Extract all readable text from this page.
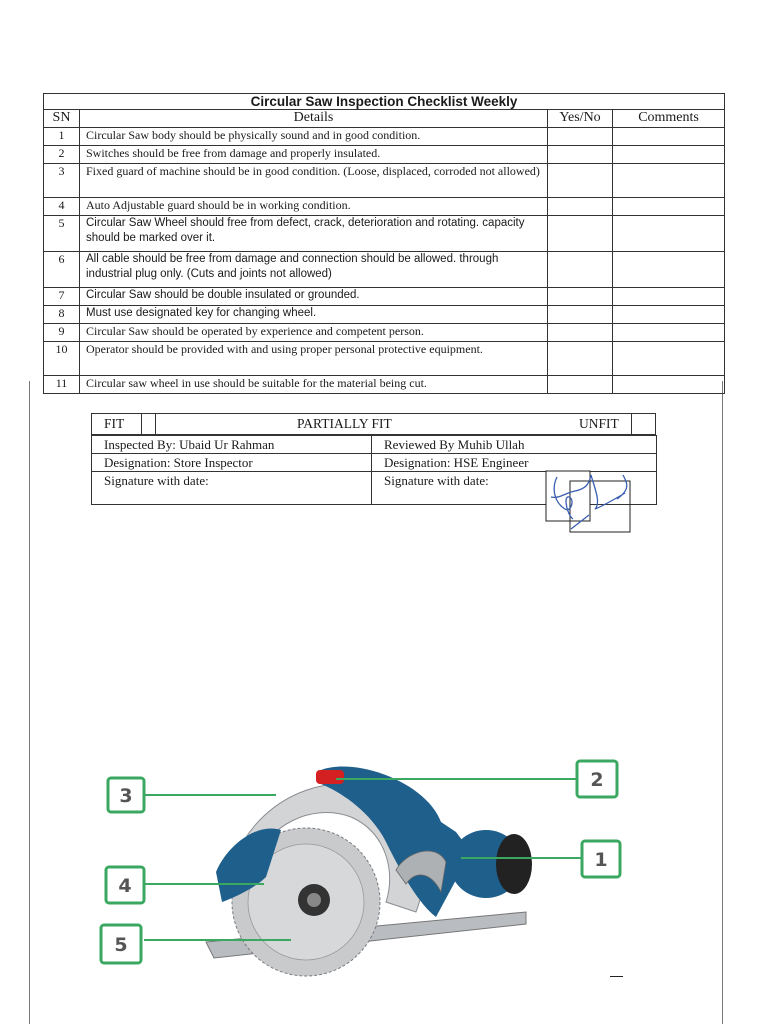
Circular Saw Inspection Checklist Weekly			
SN	Details	Yes/No	Comments
1	Circular Saw body should be physically sound and in good condition.		
2	Switches should be free from damage and properly insulated.		
3	Fixed guard of machine should be in good condition. (Loose, displaced, corroded not allowed)		
4	Auto Adjustable guard should be in working condition.		
5	Circular Saw Wheel should free from defect, crack, deterioration and rotating. capacity should be marked over it.		
6	All cable should be free from damage and connection should be allowed. through industrial plug only. (Cuts and joints not allowed)		
7	Circular Saw should be double insulated or grounded.		
8	Must use designated key for changing wheel.		
9	Circular Saw should be operated by experience and competent person.		
10	Operator should be provided with and using proper personal protective equipment.		
11	Circular saw wheel in use should be suitable for the material being cut.		
FIT	PARTIALLY FIT	UNFIT
Inspected By: Ubaid Ur Rahman	Reviewed By Muhib Ullah
Designation: Store Inspector	Designation: HSE Engineer
Signature with date:	Signature with date:
3
4
5
2
1
